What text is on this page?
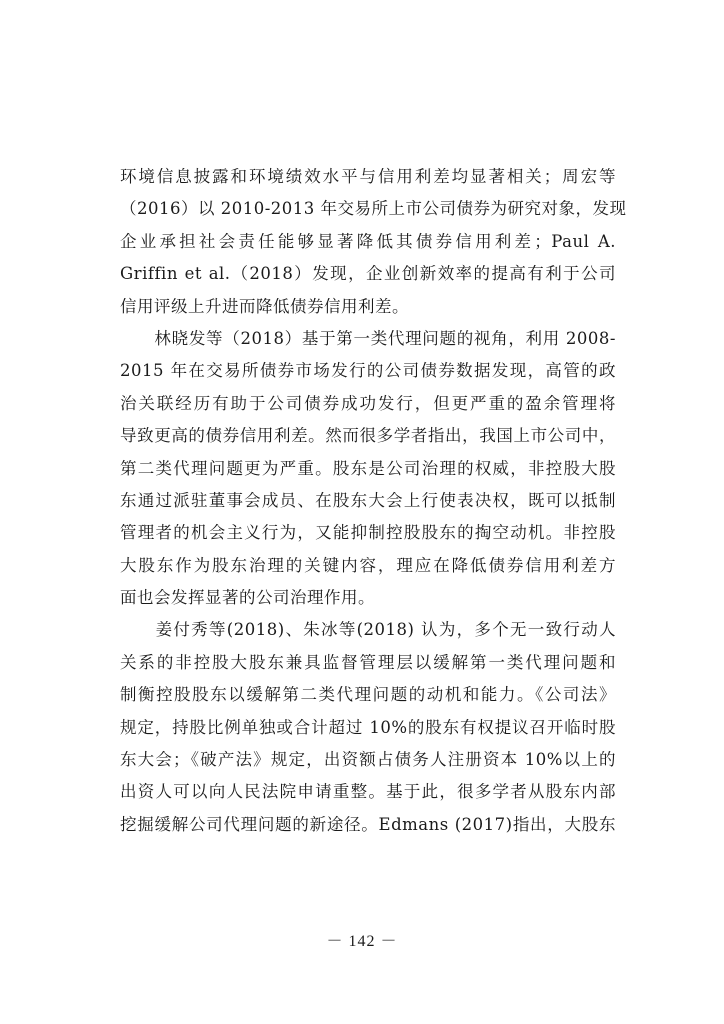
环境信息披露和环境绩效水平与信用利差均显著相关；周宏等
（2016）以 2010-2013 年交易所上市公司债券为研究对象，发现
企业承担社会责任能够显著降低其债券信用利差；Paul A.
Griffin et al.（2018）发现，企业创新效率的提高有利于公司
信用评级上升进而降低债券信用利差。
　　林晓发等（2018）基于第一类代理问题的视角，利用 2008-
2015 年在交易所债券市场发行的公司债券数据发现，高管的政
治关联经历有助于公司债券成功发行，但更严重的盈余管理将
导致更高的债券信用利差。然而很多学者指出，我国上市公司中，
第二类代理问题更为严重。股东是公司治理的权威，非控股大股
东通过派驻董事会成员、在股东大会上行使表决权，既可以抵制
管理者的机会主义行为，又能抑制控股股东的掏空动机。非控股
大股东作为股东治理的关键内容，理应在降低债券信用利差方
面也会发挥显著的公司治理作用。
　　姜付秀等(2018)、朱冰等(2018) 认为，多个无一致行动人
关系的非控股大股东兼具监督管理层以缓解第一类代理问题和
制衡控股股东以缓解第二类代理问题的动机和能力。《公司法》
规定，持股比例单独或合计超过 10%的股东有权提议召开临时股
东大会；《破产法》规定，出资额占债务人注册资本 10%以上的
出资人可以向人民法院申请重整。基于此，很多学者从股东内部
挖掘缓解公司代理问题的新途径。Edmans (2017)指出，大股东
－ 142 －
